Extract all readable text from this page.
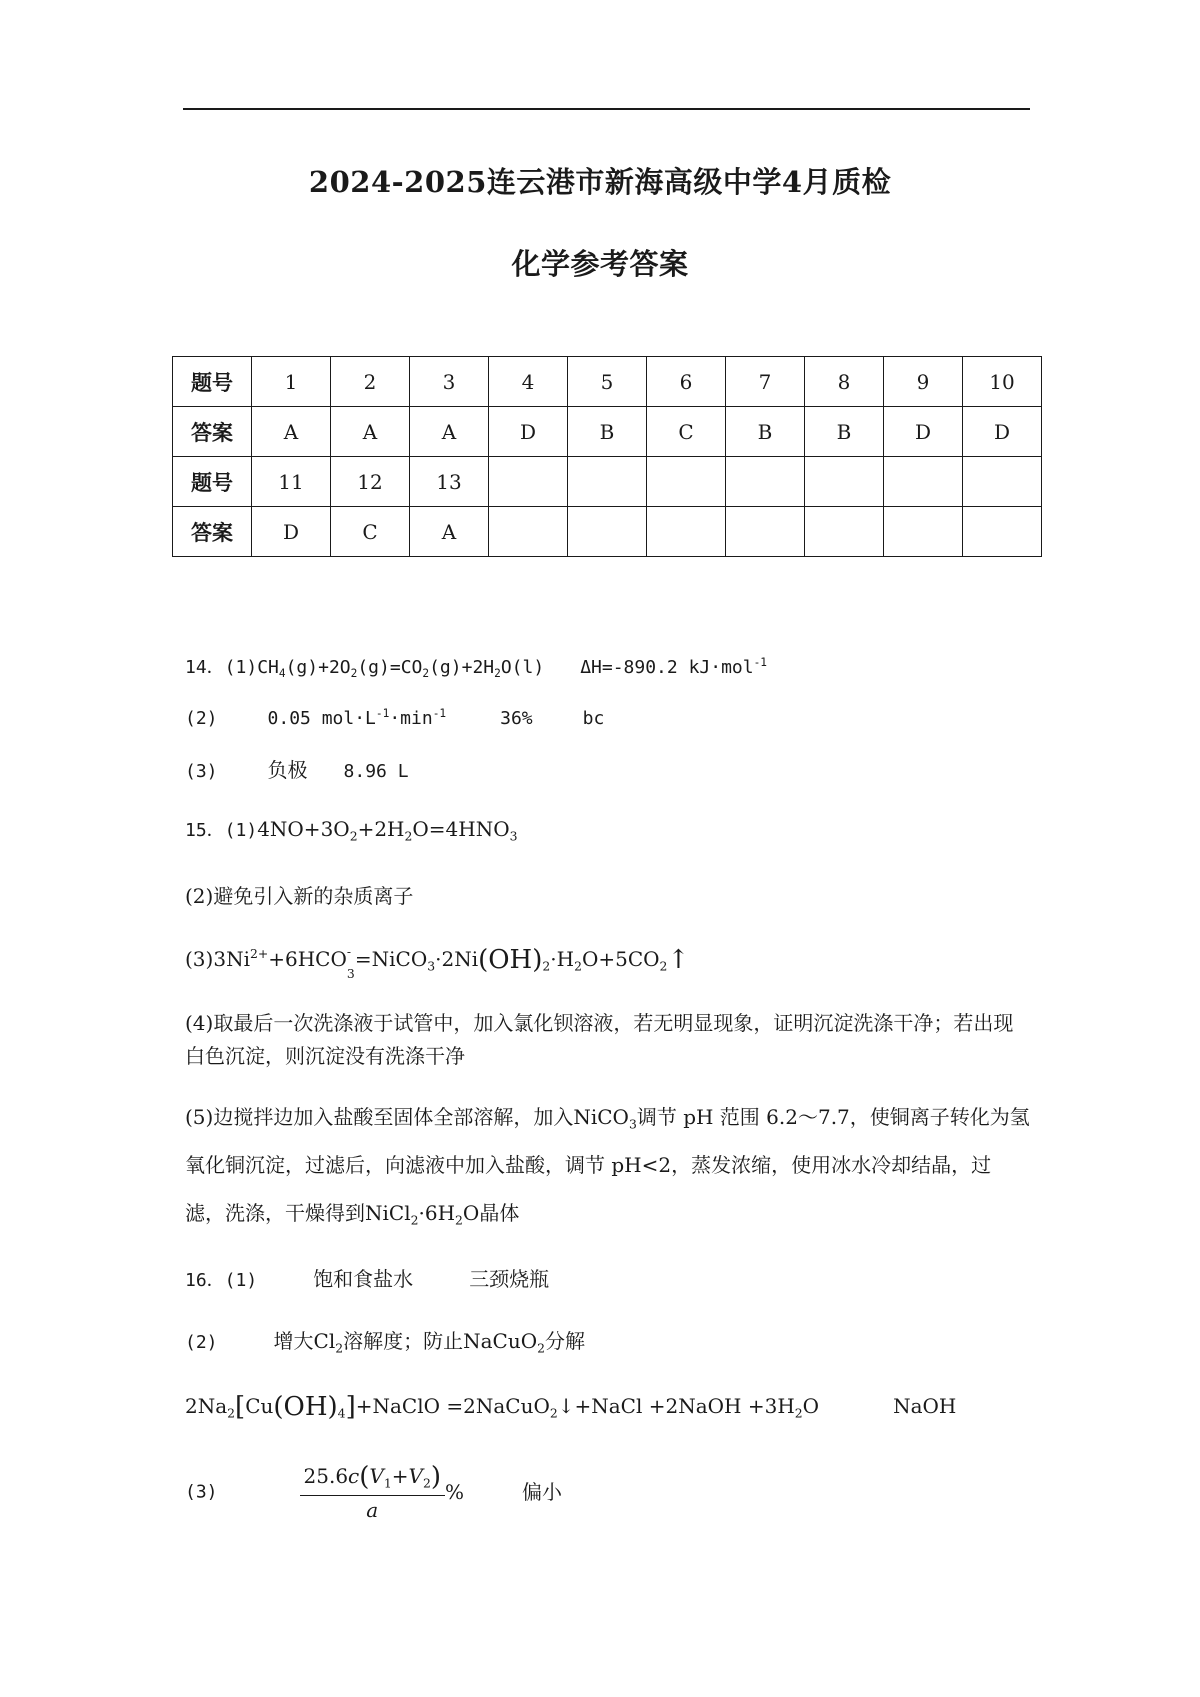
2024-2025连云港市新海高级中学4月质检
化学参考答案
题号	1	2	3	4	5	6	7	8	9	10
答案	A	A	A	D	B	C	B	B	D	D
题号	11	12	13							
答案	D	C	A							
14．$(1)CH_4(g)+2O_2(g)=CO_2(g)+2H_2O(l)$ ΔH=-890.2 kJ·mol$^{-1}$
(2)	0.05 $mol\cdot L^{-1}\cdot\min^{-1}$	36%	bc
(3)	负极 8.96 L
15．$(1)4NO+3O_2+2H_2O=4HNO_3$
(2)避免引入新的杂质离子
$(3)3Ni^{2+}+6HCO$ -
3
$=NiCO_3\cdot 2Ni(OH)_2\cdot H_2O+5CO_2↑$
(4)取最后一次洗涤液于试管中，加入氯化钡溶液，若无明显现象，证明沉淀洗涤干净；若出现白色沉淀，则沉淀没有洗涤干净
(5)边搅拌边加入盐酸至固体全部溶解，加入NiCO$_3$调节 pH 范围 6.2～7.7，使铜离子转化为氢氧化铜沉淀，过滤后，向滤液中加入盐酸，调节 pH<2，蒸发浓缩，使用冰水冷却结晶，过滤，洗涤，干燥得到$NiCl_2\cdot 6H_2O$晶体
16．(1)	饱和食盐水	三颈烧瓶
(2)	增大$Cl_2$溶解度；防止NaCuO$_2$分解
$2Na_2[Cu(OH)_4]+NaClO$ =2NaCuO$_2$↓+NaCl +2NaOH $+3H_2O$	NaOH
(3)	$\frac{25.6c(V_1+V_2)}{a}$ %	偏小
